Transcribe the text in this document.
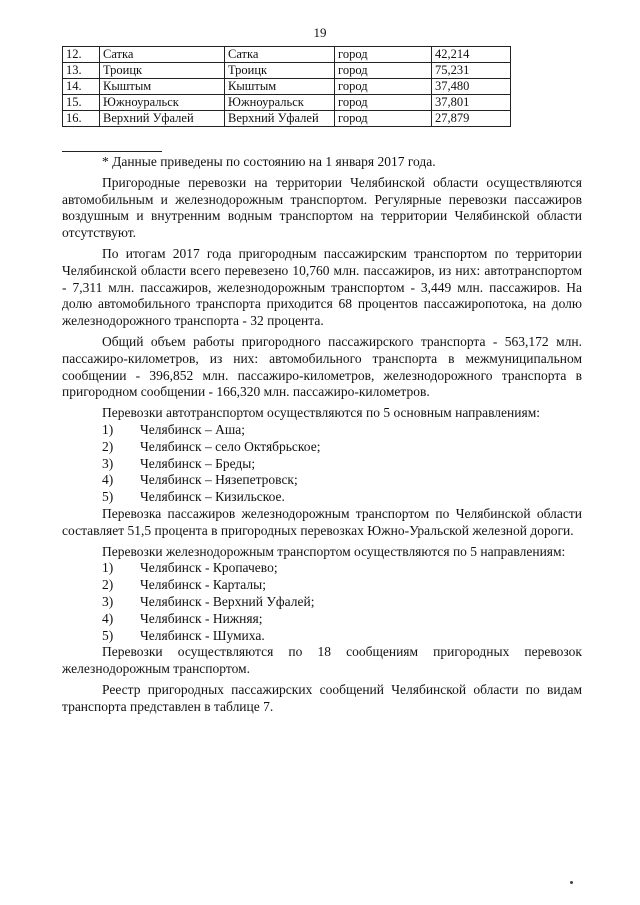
19
12.	Сатка	Сатка	город	42,214
13.	Троицк	Троицк	город	75,231
14.	Кыштым	Кыштым	город	37,480
15.	Южноуральск	Южноуральск	город	37,801
16.	Верхний Уфалей	Верхний Уфалей	город	27,879

* Данные приведены по состоянию на 1 января 2017 года.

Пригородные перевозки на территории Челябинской области осуществляются автомобильным и железнодорожным транспортом. Регулярные перевозки пассажиров воздушным и внутренним водным транспортом на территории Челябинской области отсутствуют.

По итогам 2017 года пригородным пассажирским транспортом по территории Челябинской области всего перевезено 10,760 млн. пассажиров, из них: автотранспортом - 7,311 млн. пассажиров, железнодорожным транспортом - 3,449 млн. пассажиров. На долю автомобильного транспорта приходится 68 процентов пассажиропотока, на долю железнодорожного транспорта - 32 процента.

Общий объем работы пригородного пассажирского транспорта - 563,172 млн. пассажиро-километров, из них: автомобильного транспорта в межмуниципальном сообщении - 396,852 млн. пассажиро-километров, железнодорожного транспорта в пригородном сообщении - 166,320 млн. пассажиро-километров.

Перевозки автотранспортом осуществляются по 5 основным направлениям:

1)	Челябинск – Аша;
2)	Челябинск – село Октябрьское;
3)	Челябинск – Бреды;
4)	Челябинск – Нязепетровск;
5)	Челябинск – Кизильское.

Перевозка пассажиров железнодорожным транспортом по Челябинской области составляет 51,5 процента в пригородных перевозках Южно-Уральской железной дороги.

Перевозки железнодорожным транспортом осуществляются по 5 направлениям:

1)	Челябинск - Кропачево;
2)	Челябинск - Карталы;
3)	Челябинск - Верхний Уфалей;
4)	Челябинск - Нижняя;
5)	Челябинск - Шумиха.

Перевозки осуществляются по 18 сообщениям пригородных перевозок железнодорожным транспортом.

Реестр пригородных пассажирских сообщений Челябинской области по видам транспорта представлен в таблице 7.
